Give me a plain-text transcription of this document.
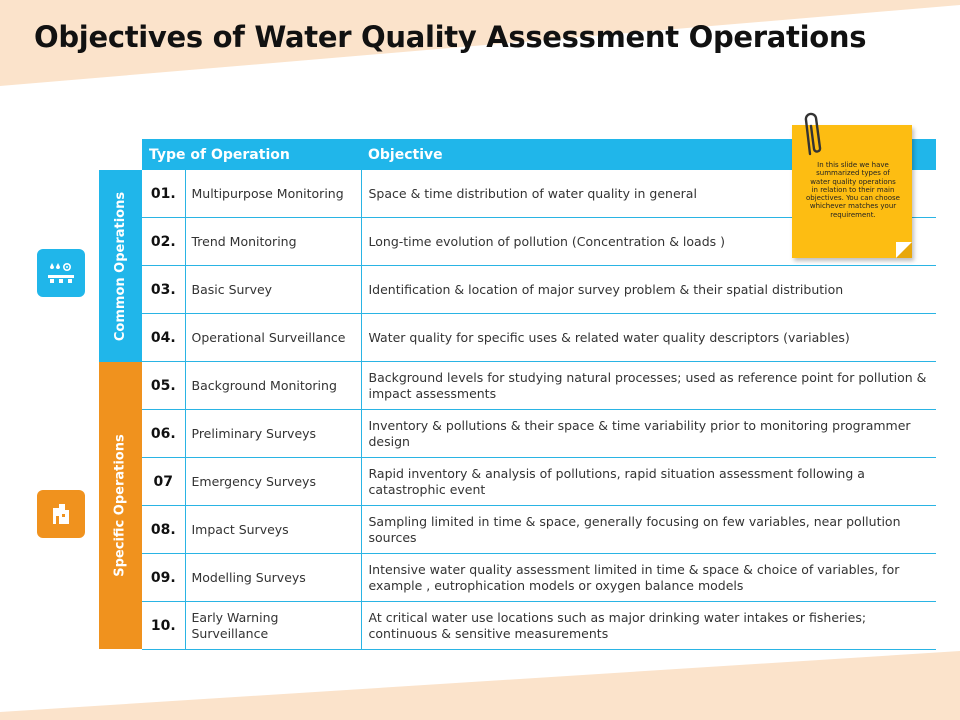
Objectives of Water Quality Assessment Operations
Common Operations
Specific Operations
Type of Operation		Objective
01.	Multipurpose Monitoring	Space & time distribution of water quality in general
02.	Trend Monitoring	Long-time evolution of pollution (Concentration & loads )
03.	Basic Survey	Identification & location of major survey problem & their spatial distribution
04.	Operational Surveillance	Water quality for specific uses & related water quality descriptors (variables)
05.	Background Monitoring	Background levels for studying natural processes; used as reference point for pollution & impact assessments
06.	Preliminary Surveys	Inventory & pollutions & their space & time variability prior to monitoring programmer design
07	Emergency Surveys	Rapid inventory & analysis of pollutions, rapid situation assessment following a catastrophic event
08.	Impact Surveys	Sampling limited in time & space, generally focusing on few variables, near pollution sources
09.	Modelling Surveys	Intensive water quality assessment limited in time & space & choice of variables, for example , eutrophication models or oxygen balance models
10.	Early Warning Surveillance	At critical water use locations such as major drinking water intakes or fisheries; continuous & sensitive measurements
In this slide we have summarized types of water quality operations in relation to their main objectives. You can choose whichever matches your requirement.
